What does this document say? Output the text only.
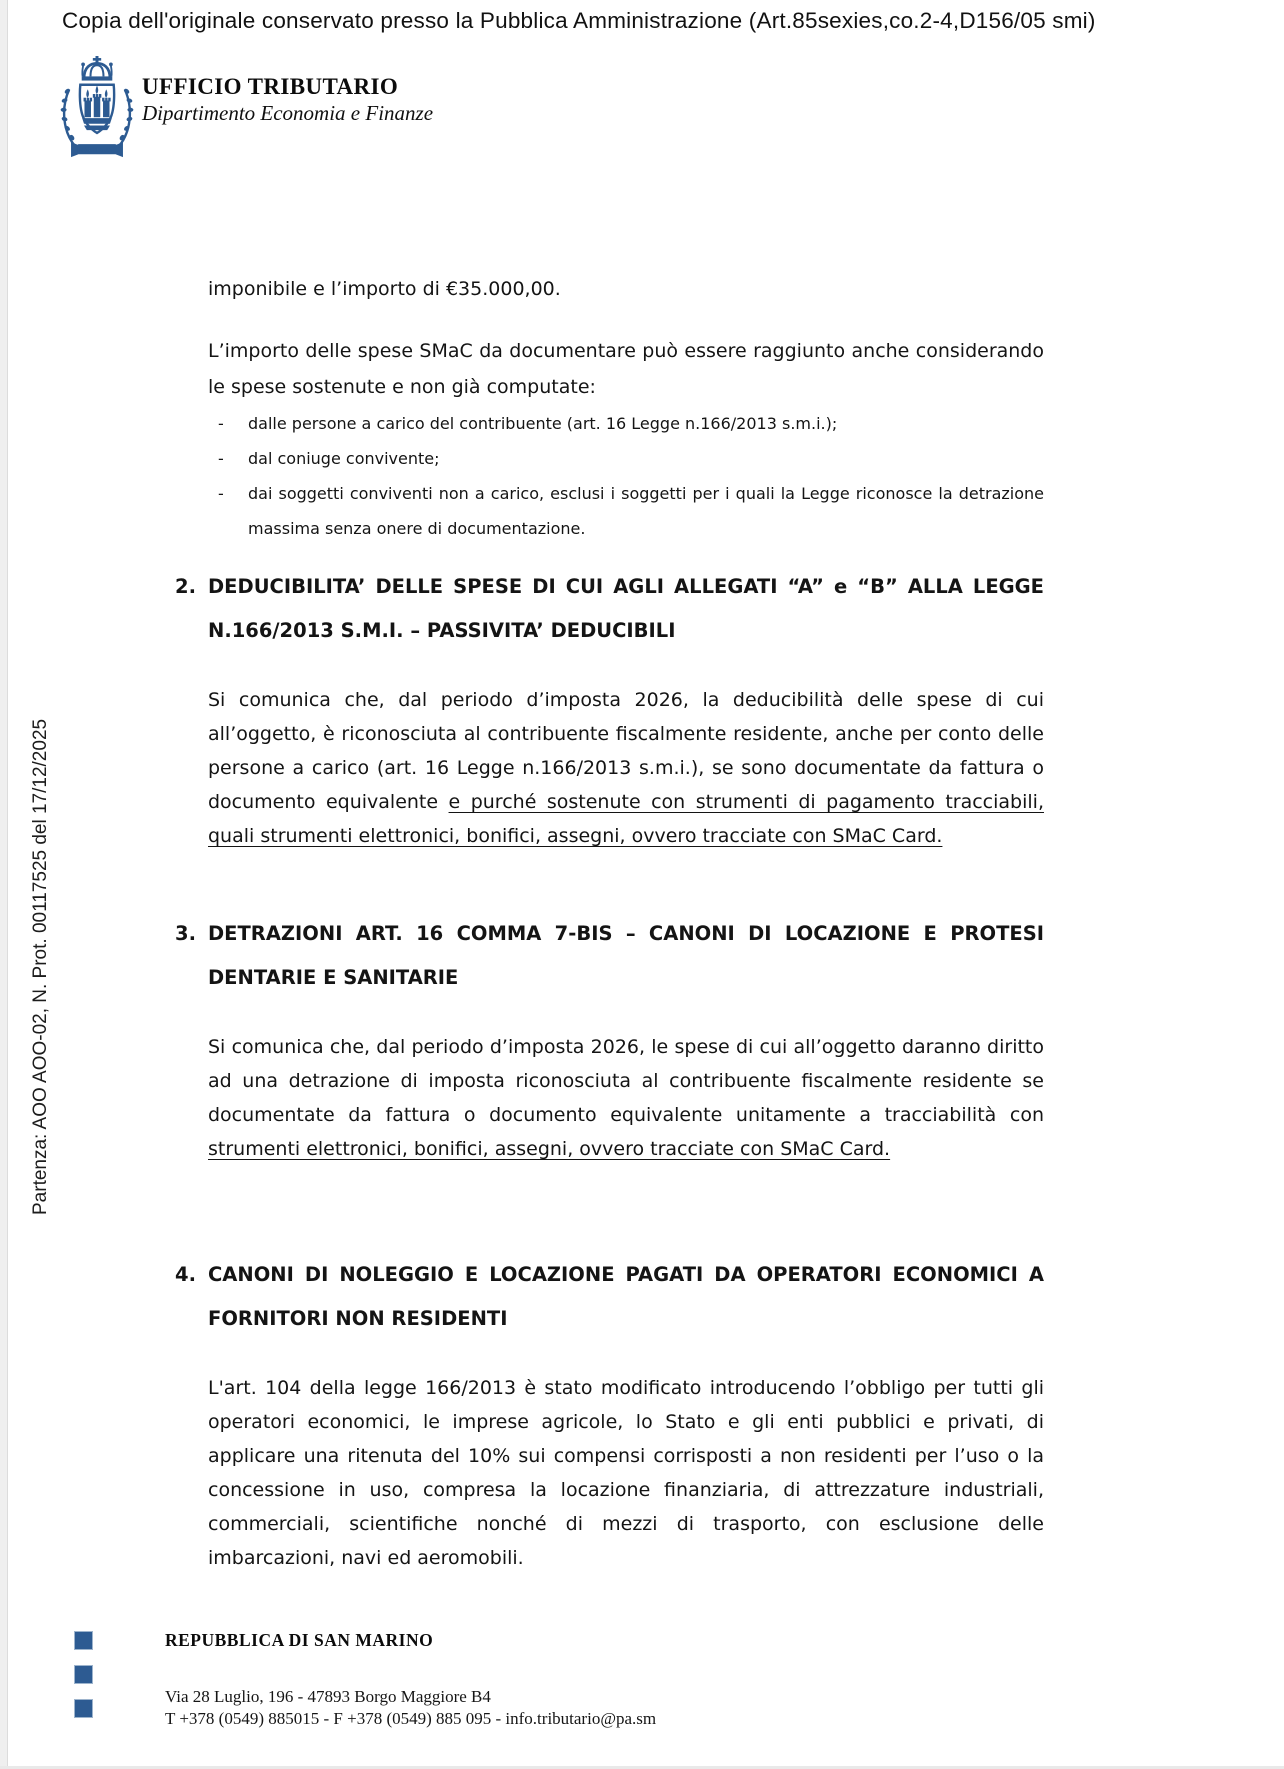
Copia dell'originale conservato presso la Pubblica Amministrazione (Art.85sexies,co.2-4,D156/05 smi)
LIBERTAS
UFFICIO TRIBUTARIO
Dipartimento Economia e Finanze
Partenza: AOO AOO-02, N. Prot. 00117525 del 17/12/2025
imponibile e l’importo di €35.000,00.
L’importo delle spese SMaC da documentare può essere raggiunto anche considerando le spese sostenute e non già computate:
-	dalle persone a carico del contribuente (art. 16 Legge n.166/2013 s.m.i.);
-	dal coniuge convivente;
-	dai soggetti conviventi non a carico, esclusi i soggetti per i quali la Legge riconosce la detrazione massima senza onere di documentazione.
2. DEDUCIBILITA’ DELLE SPESE DI CUI AGLI ALLEGATI “A” e “B” ALLA LEGGE N.166/2013 S.M.I. – PASSIVITA’ DEDUCIBILI
Si comunica che, dal periodo d’imposta 2026, la deducibilità delle spese di cui all’oggetto, è riconosciuta al contribuente fiscalmente residente, anche per conto delle persone a carico (art. 16 Legge n.166/2013 s.m.i.), se sono documentate da fattura o documento equivalente e purché sostenute con strumenti di pagamento tracciabili, quali strumenti elettronici, bonifici, assegni, ovvero tracciate con SMaC Card.
3. DETRAZIONI ART. 16 COMMA 7-BIS – CANONI DI LOCAZIONE E PROTESI DENTARIE E SANITARIE
Si comunica che, dal periodo d’imposta 2026, le spese di cui all’oggetto daranno diritto ad una detrazione di imposta riconosciuta al contribuente fiscalmente residente se documentate da fattura o documento equivalente unitamente a tracciabilità con strumenti elettronici, bonifici, assegni, ovvero tracciate con SMaC Card.
4. CANONI DI NOLEGGIO E LOCAZIONE PAGATI DA OPERATORI ECONOMICI A FORNITORI NON RESIDENTI
L'art. 104 della legge 166/2013 è stato modificato introducendo l’obbligo per tutti gli operatori economici, le imprese agricole, lo Stato e gli enti pubblici e privati, di applicare una ritenuta del 10% sui compensi corrisposti a non residenti per l’uso o la concessione in uso, compresa la locazione finanziaria, di attrezzature industriali, commerciali, scientifiche nonché di mezzi di trasporto, con esclusione delle imbarcazioni, navi ed aeromobili.
REPUBBLICA DI SAN MARINO
Via 28 Luglio, 196 - 47893 Borgo Maggiore B4
T +378 (0549) 885015 - F +378 (0549) 885 095 - info.tributario@pa.sm
